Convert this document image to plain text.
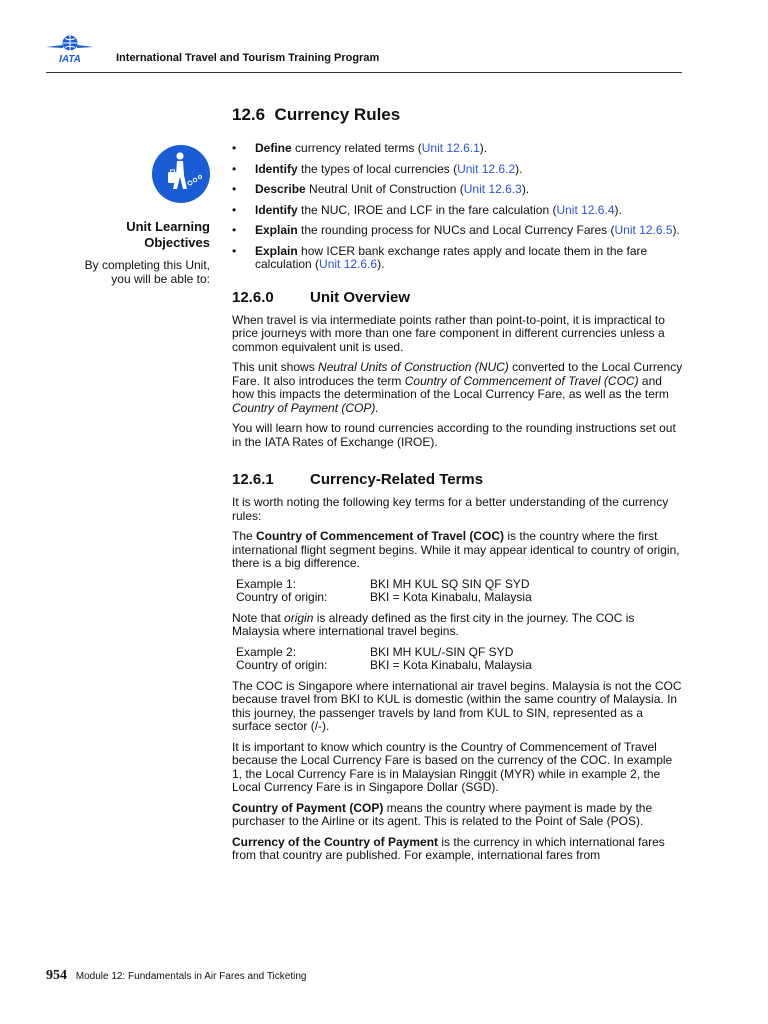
IATA	International Travel and Tourism Training Program
Unit Learning
Objectives
By completing this Unit,
you will be able to:
12.6 Currency Rules
• Define currency related terms (Unit 12.6.1).
• Identify the types of local currencies (Unit 12.6.2).
• Describe Neutral Unit of Construction (Unit 12.6.3).
• Identify the NUC, IROE and LCF in the fare calculation (Unit 12.6.4).
• Explain the rounding process for NUCs and Local Currency Fares (Unit 12.6.5).
• Explain how ICER bank exchange rates apply and locate them in the fare calculation (Unit 12.6.6).
12.6.0 Unit Overview

When travel is via intermediate points rather than point-to-point, it is impractical to price journeys with more than one fare component in different currencies unless a common equivalent unit is used.

This unit shows Neutral Units of Construction (NUC) converted to the Local Currency Fare. It also introduces the term Country of Commencement of Travel (COC) and how this impacts the determination of the Local Currency Fare, as well as the term Country of Payment (COP).

You will learn how to round currencies according to the rounding instructions set out in the IATA Rates of Exchange (IROE).

12.6.1 Currency-Related Terms

It is worth noting the following key terms for a better understanding of the currency rules:

The Country of Commencement of Travel (COC) is the country where the first international flight segment begins. While it may appear identical to country of origin, there is a big difference.

Example 1:	BKI MH KUL SQ SIN QF SYD
Country of origin:	BKI = Kota Kinabalu, Malaysia

Note that origin is already defined as the first city in the journey. The COC is Malaysia where international travel begins.

Example 2:	BKI MH KUL/-SIN QF SYD
Country of origin:	BKI = Kota Kinabalu, Malaysia

The COC is Singapore where international air travel begins. Malaysia is not the COC because travel from BKI to KUL is domestic (within the same country of Malaysia. In this journey, the passenger travels by land from KUL to SIN, represented as a surface sector (/-).

It is important to know which country is the Country of Commencement of Travel because the Local Currency Fare is based on the currency of the COC. In example 1, the Local Currency Fare is in Malaysian Ringgit (MYR) while in example 2, the Local Currency Fare is in Singapore Dollar (SGD).

Country of Payment (COP) means the country where payment is made by the purchaser to the Airline or its agent. This is related to the Point of Sale (POS).

Currency of the Country of Payment is the currency in which international fares from that country are published. For example, international fares from

954 Module 12: Fundamentals in Air Fares and Ticketing
